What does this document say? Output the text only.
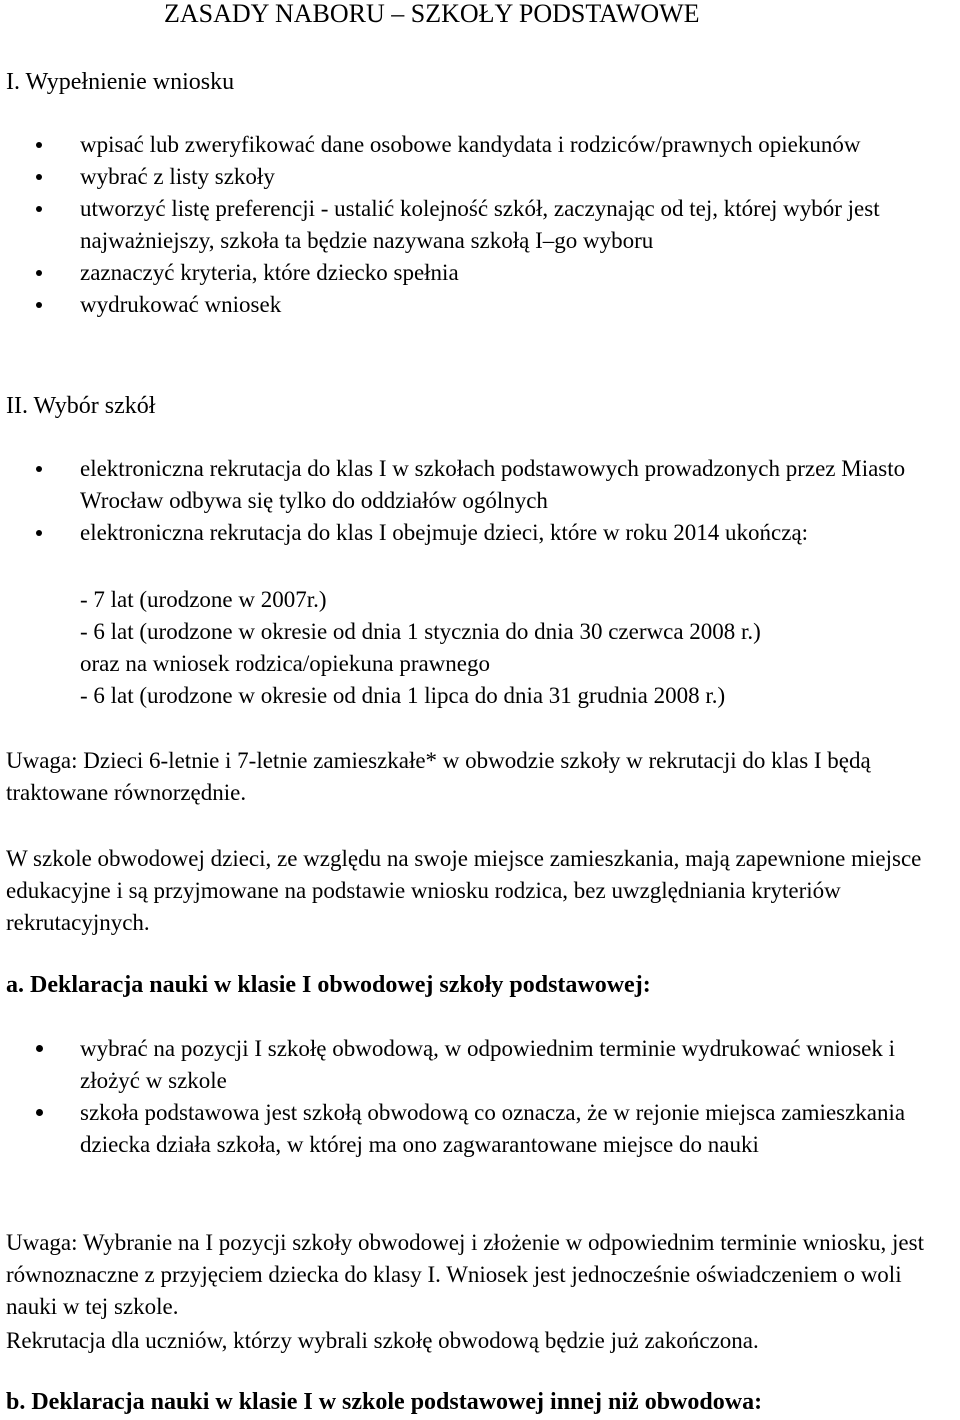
ZASADY NABORU – SZKOŁY PODSTAWOWE
I. Wypełnienie wniosku
wpisać lub zweryfikować dane osobowe kandydata i rodziców/prawnych opiekunów
wybrać z listy szkoły
utworzyć listę preferencji - ustalić kolejność szkół, zaczynając od tej, której wybór jest najważniejszy, szkoła ta będzie nazywana szkołą I–go wyboru
zaznaczyć kryteria, które dziecko spełnia
wydrukować wniosek
II. Wybór szkół
elektroniczna rekrutacja do klas I w szkołach podstawowych prowadzonych przez Miasto Wrocław odbywa się tylko do oddziałów ogólnych
elektroniczna rekrutacja do klas I obejmuje dzieci, które w roku 2014 ukończą:
- 7 lat (urodzone w 2007r.)
- 6 lat (urodzone w okresie od dnia 1 stycznia do dnia 30 czerwca 2008 r.)
oraz na wniosek rodzica/opiekuna prawnego
- 6 lat (urodzone w okresie od dnia 1 lipca do dnia 31 grudnia 2008 r.)

Uwaga: Dzieci 6-letnie i 7-letnie zamieszkałe* w obwodzie szkoły w rekrutacji do klas I będą traktowane równorzędnie.

W szkole obwodowej dzieci, ze względu na swoje miejsce zamieszkania, mają zapewnione miejsce edukacyjne i są przyjmowane na podstawie wniosku rodzica, bez uwzględniania kryteriów rekrutacyjnych.

a. Deklaracja nauki w klasie I obwodowej szkoły podstawowej:
wybrać na pozycji I szkołę obwodową, w odpowiednim terminie wydrukować wniosek i złożyć w szkole
szkoła podstawowa jest szkołą obwodową co oznacza, że w rejonie miejsca zamieszkania dziecka działa szkoła, w której ma ono zagwarantowane miejsce do nauki

Uwaga: Wybranie na I pozycji szkoły obwodowej i złożenie w odpowiednim terminie wniosku, jest równoznaczne z przyjęciem dziecka do klasy I. Wniosek jest jednocześnie oświadczeniem o woli nauki w tej szkole.

Rekrutacja dla uczniów, którzy wybrali szkołę obwodową będzie już zakończona.

b. Deklaracja nauki w klasie I w szkole podstawowej innej niż obwodowa:
